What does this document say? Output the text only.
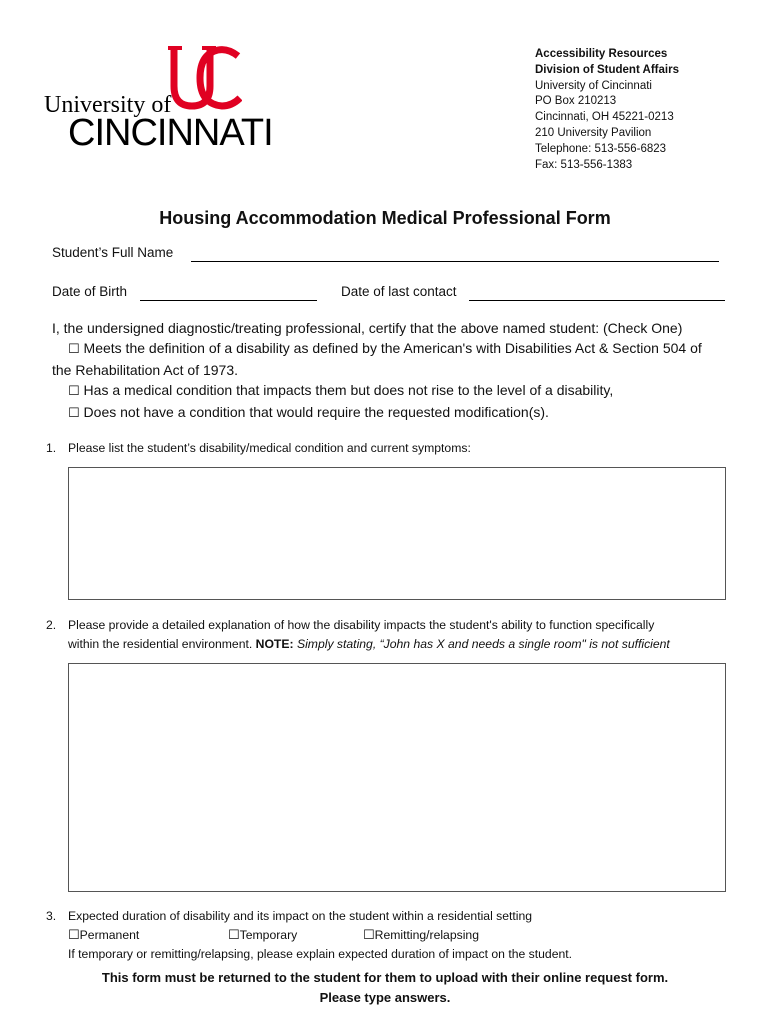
University of
CINCINNATI
Accessibility Resources
Division of Student Affairs
University of Cincinnati
PO Box 210213
Cincinnati, OH 45221-0213
210 University Pavilion
Telephone: 513-556-6823
Fax: 513-556-1383
Housing Accommodation Medical Professional Form
Student’s Full Name
Date of Birth	Date of last contact
I, the undersigned diagnostic/treating professional, certify that the above named student: (Check One)
☐ Meets the definition of a disability as defined by the American's with Disabilities Act & Section 504 of
the Rehabilitation Act of 1973.
☐ Has a medical condition that impacts them but does not rise to the level of a disability,
☐ Does not have a condition that would require the requested modification(s).
1. Please list the student’s disability/medical condition and current symptoms:
2. Please provide a detailed explanation of how the disability impacts the student's ability to function specifically
within the residential environment. NOTE: Simply stating, “John has X and needs a single room" is not sufficient
3. Expected duration of disability and its impact on the student within a residential setting
☐Permanent	☐Temporary	☐Remitting/relapsing
If temporary or remitting/relapsing, please explain expected duration of impact on the student.
This form must be returned to the student for them to upload with their online request form.
Please type answers.
